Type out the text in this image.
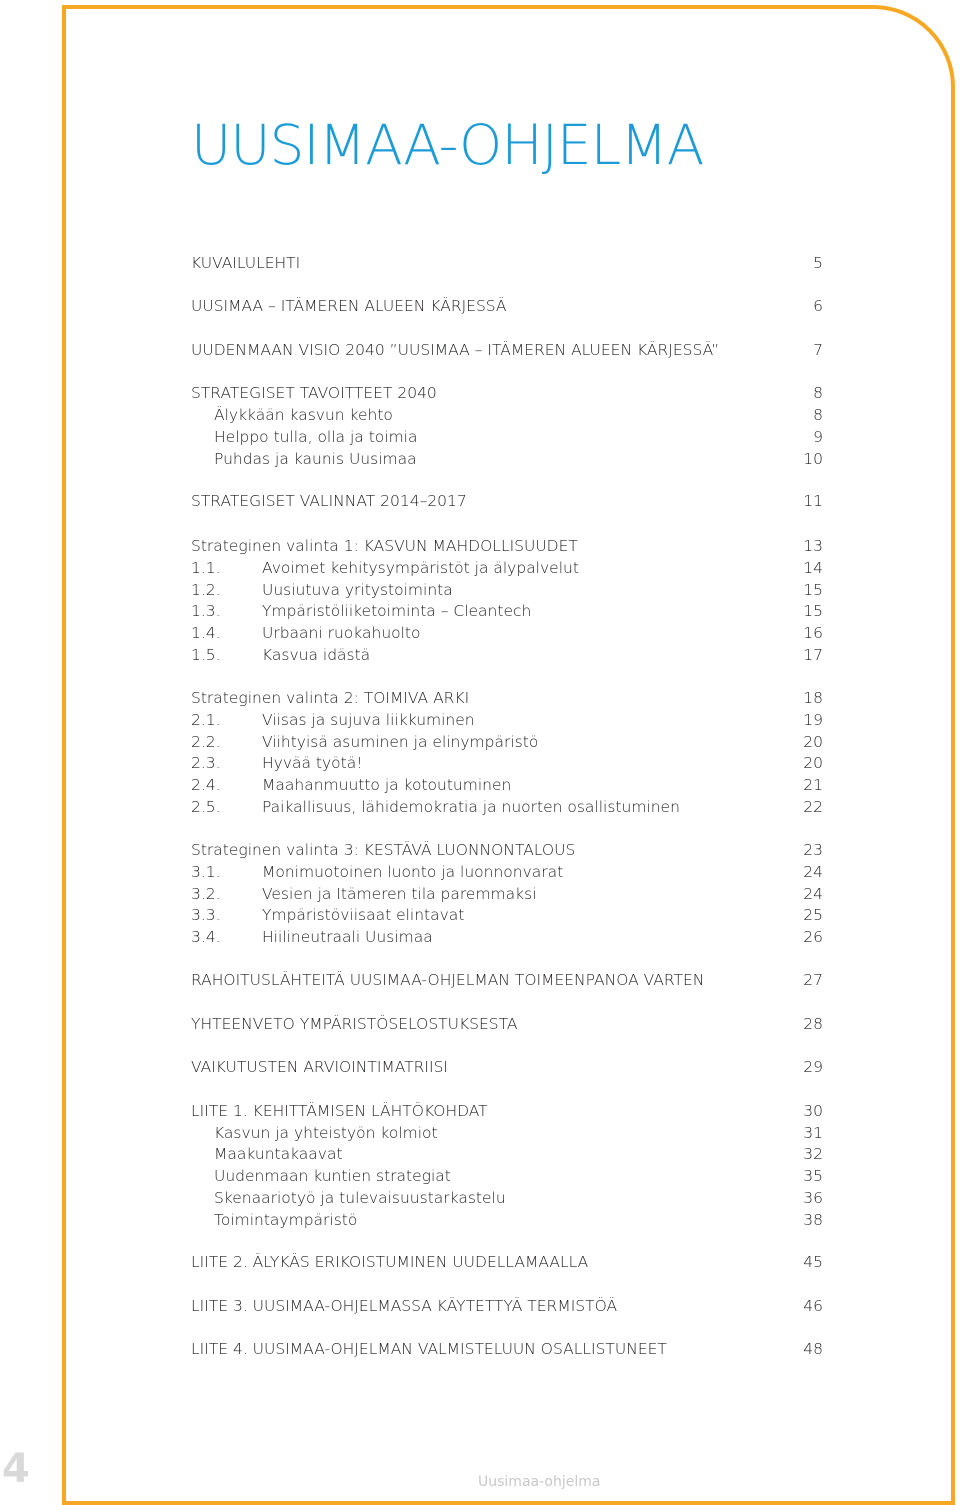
UUSIMAA-OHJELMA
KUVAILULEHTI	5
UUSIMAA – ITÄMEREN ALUEEN KÄRJESSÄ	6
UUDENMAAN VISIO 2040 ”UUSIMAA – ITÄMEREN ALUEEN KÄRJESSÄ”	7
STRATEGISET TAVOITTEET 2040	8
Älykkään kasvun kehto	8
Helppo tulla, olla ja toimia	9
Puhdas ja kaunis Uusimaa	10
STRATEGISET VALINNAT 2014–2017	11
Strateginen valinta 1: KASVUN MAHDOLLISUUDET	13
1.1.	Avoimet kehitysympäristöt ja älypalvelut	14
1.2.	Uusiutuva yritystoiminta	15
1.3.	Ympäristöliiketoiminta – Cleantech	15
1.4.	Urbaani ruokahuolto	16
1.5.	Kasvua idästä	17
Strateginen valinta 2: TOIMIVA ARKI	18
2.1.	Viisas ja sujuva liikkuminen	19
2.2.	Viihtyisä asuminen ja elinympäristö	20
2.3.	Hyvää työtä!	20
2.4.	Maahanmuutto ja kotoutuminen	21
2.5.	Paikallisuus, lähidemokratia ja nuorten osallistuminen	22
Strateginen valinta 3: KESTÄVÄ LUONNONTALOUS	23
3.1.	Monimuotoinen luonto ja luonnonvarat	24
3.2.	Vesien ja Itämeren tila paremmaksi	24
3.3.	Ympäristöviisaat elintavat	25
3.4.	Hiilineutraali Uusimaa	26
RAHOITUSLÄHTEITÄ UUSIMAA-OHJELMAN TOIMEENPANOA VARTEN	27
YHTEENVETO YMPÄRISTÖSELOSTUKSESTA	28
VAIKUTUSTEN ARVIOINTIMATRIISI	29
LIITE 1. KEHITTÄMISEN LÄHTÖKOHDAT	30
Kasvun ja yhteistyön kolmiot	31
Maakuntakaavat	32
Uudenmaan kuntien strategiat	35
Skenaariotyö ja tulevaisuustarkastelu	36
Toimintaympäristö	38
LIITE 2. ÄLYKÄS ERIKOISTUMINEN UUDELLAMAALLA	45
LIITE 3. UUSIMAA-OHJELMASSA KÄYTETTYÄ TERMISTÖÄ	46
LIITE 4. UUSIMAA-OHJELMAN VALMISTELUUN OSALLISTUNEET	48
4	Uusimaa-ohjelma
